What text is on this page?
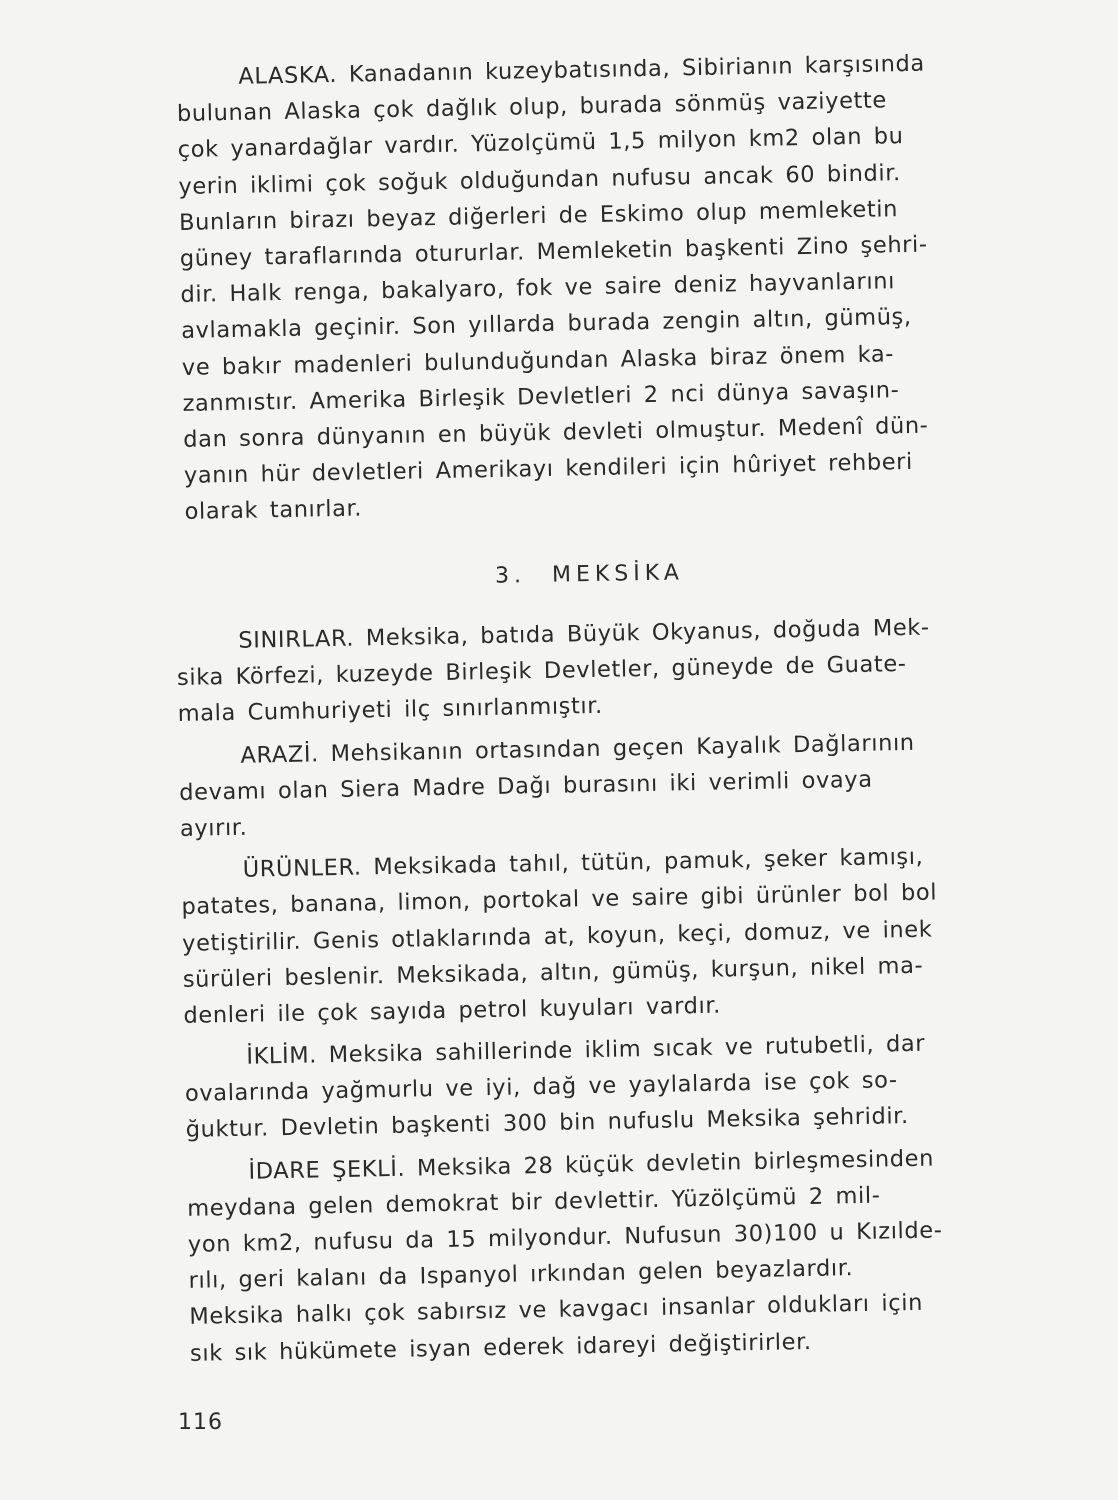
ALASKA. Kanadanın kuzeybatısında, Sibirianın karşısında
bulunan Alaska çok dağlık olup, burada sönmüş vaziyette
çok yanardağlar vardır. Yüzolçümü 1,5 milyon km2 olan bu
yerin iklimi çok soğuk olduğundan nufusu ancak 60 bindir.
Bunların birazı beyaz diğerleri de Eskimo olup memleketin
güney taraflarında otururlar. Memleketin başkenti Zino şehri-
dir. Halk renga, bakalyaro, fok ve saire deniz hayvanlarını
avlamakla geçinir. Son yıllarda burada zengin altın, gümüş,
ve bakır madenleri bulunduğundan Alaska biraz önem ka-
zanmıstır. Amerika Birleşik Devletleri 2 nci dünya savaşın-
dan sonra dünyanın en büyük devleti olmuştur. Medenî dün-
yanın hür devletleri Amerikayı kendileri için hûriyet rehberi
olarak tanırlar.
3. MEKSİKA
SINIRLAR. Meksika, batıda Büyük Okyanus, doğuda Mek-
sika Körfezi, kuzeyde Birleşik Devletler, güneyde de Guate-
mala Cumhuriyeti ilç sınırlanmıştır.
ARAZİ. Mehsikanın ortasından geçen Kayalık Dağlarının
devamı olan Siera Madre Dağı burasını iki verimli ovaya
ayırır.
ÜRÜNLER. Meksikada tahıl, tütün, pamuk, şeker kamışı,
patates, banana, limon, portokal ve saire gibi ürünler bol bol
yetiştirilir. Genis otlaklarında at, koyun, keçi, domuz, ve inek
sürüleri beslenir. Meksikada, altın, gümüş, kurşun, nikel ma-
denleri ile çok sayıda petrol kuyuları vardır.
İKLİM. Meksika sahillerinde iklim sıcak ve rutubetli, dar
ovalarında yağmurlu ve iyi, dağ ve yaylalarda ise çok so-
ğuktur. Devletin başkenti 300 bin nufuslu Meksika şehridir.
İDARE ŞEKLİ. Meksika 28 küçük devletin birleşmesinden
meydana gelen demokrat bir devlettir. Yüzölçümü 2 mil-
yon km2, nufusu da 15 milyondur. Nufusun 30)100 u Kızılde-
rılı, geri kalanı da Ispanyol ırkından gelen beyazlardır.
Meksika halkı çok sabırsız ve kavgacı insanlar oldukları için
sık sık hükümete isyan ederek idareyi değiştirirler.
116
